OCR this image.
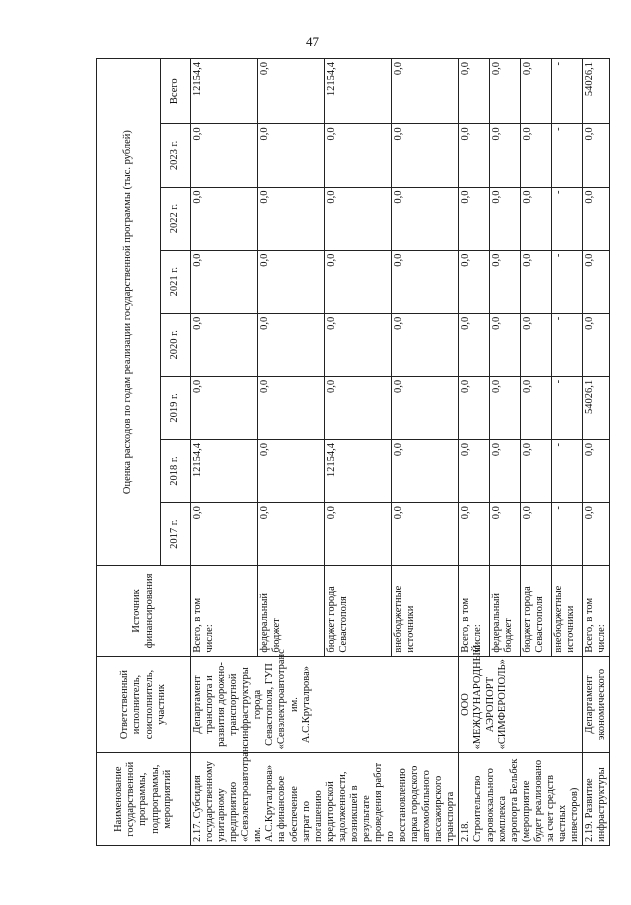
47
Наименование государственной программы, подпрограммы, мероприятий	Ответственный исполнитель, соисполнитель, участник	Источник финансирования	Оценка расходов по годам реализации государственной программы (тыс. рублей)							
			2017 г.	2018 г.	2019 г.	2020 г.	2021 г.	2022 г.	2023 г.	Всего
2.17. Субсидия государственному унитарному предприятию «Севэлектроавтотранс им. А.С.Круталрова» на финансовое обеспечение затрат по погашению кредиторской задолженности, возникшей в результате проведения работ по восстановлению парка городского автомобильного пассажирского транспорта	Департамент транспорта и развития дорожно-транспортной инфраструктуры города Севастополя, ГУП «Севэлектроавтотранс им. А.С.Круталрова»	Всего, в том числе:	0,0	12154,4	0,0	0,0	0,0	0,0	0,0	12154,4
		федеральный бюджет	0,0	0,0	0,0	0,0	0,0	0,0	0,0	0,0
		бюджет города Севастополя	0,0	12154,4	0,0	0,0	0,0	0,0	0,0	12154,4
		внебюджетные источники	0,0	0,0	0,0	0,0	0,0	0,0	0,0	0,0
2.18. Строительство аэровокзального комплекса аэропорта Бельбек (мероприятие будет реализовано за счет средств частных инвесторов)	ООО «МЕЖДУНАРОДНЫЙ АЭРОПОРТ «СИМФЕРОПОЛЬ»	Всего, в том числе:	0,0	0,0	0,0	0,0	0,0	0,0	0,0	0,0
		федеральный бюджет	0,0	0,0	0,0	0,0	0,0	0,0	0,0	0,0
		бюджет города Севастополя	0,0	0,0	0,0	0,0	0,0	0,0	0,0	0,0
		внебюджетные источники	-	-	-	-	-	-	-	-
2.19. Развитие инфраструктуры	Департамент экономического	Всего, в том числе:	0,0	0,0	54026,1	0,0	0,0	0,0	0,0	54026,1
